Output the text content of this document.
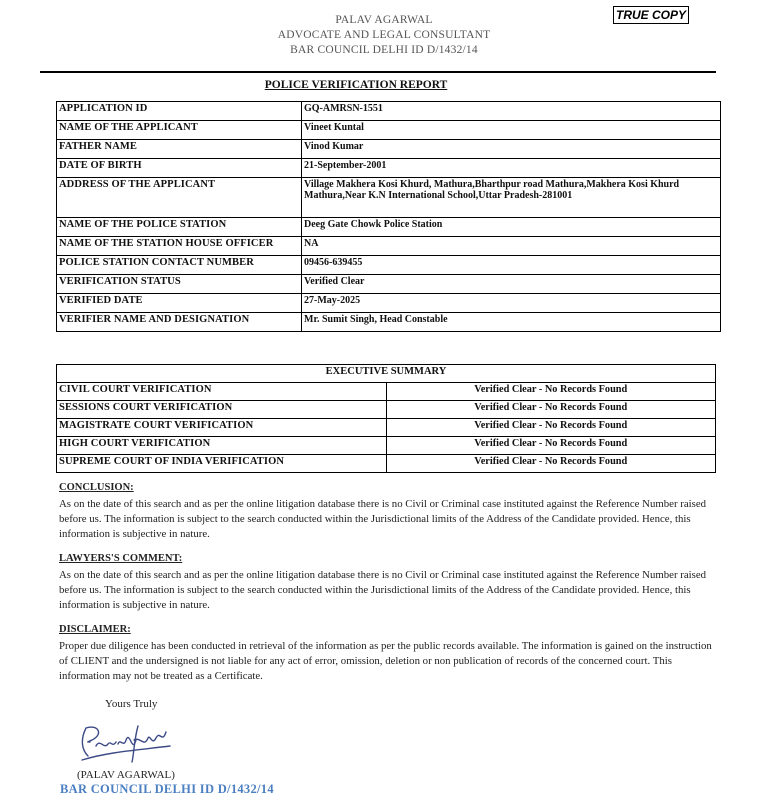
PALAV AGARWAL
ADVOCATE AND LEGAL CONSULTANT
BAR COUNCIL DELHI ID D/1432/14
TRUE COPY
POLICE VERIFICATION REPORT
APPLICATION ID	GQ-AMRSN-1551
NAME OF THE APPLICANT	Vineet Kuntal
FATHER NAME	Vinod Kumar
DATE OF BIRTH	21-September-2001
ADDRESS OF THE APPLICANT	Village Makhera Kosi Khurd, Mathura,Bharthpur road Mathura,Makhera Kosi Khurd Mathura,Near K.N International School,Uttar Pradesh-281001
NAME OF THE POLICE STATION	Deeg Gate Chowk Police Station
NAME OF THE STATION HOUSE OFFICER	NA
POLICE STATION CONTACT NUMBER	09456-639455
VERIFICATION STATUS	Verified Clear
VERIFIED DATE	27-May-2025
VERIFIER NAME AND DESIGNATION	Mr. Sumit Singh, Head Constable
EXECUTIVE SUMMARY	
CIVIL COURT VERIFICATION	Verified Clear - No Records Found
SESSIONS COURT VERIFICATION	Verified Clear - No Records Found
MAGISTRATE COURT VERIFICATION	Verified Clear - No Records Found
HIGH COURT VERIFICATION	Verified Clear - No Records Found
SUPREME COURT OF INDIA VERIFICATION	Verified Clear - No Records Found
CONCLUSION:
As on the date of this search and as per the online litigation database there is no Civil or Criminal case instituted against the Reference Number raised before us. The information is subject to the search conducted within the Jurisdictional limits of the Address of the Candidate provided. Hence, this information is subjective in nature.
LAWYERS'S COMMENT:
As on the date of this search and as per the online litigation database there is no Civil or Criminal case instituted against the Reference Number raised before us. The information is subject to the search conducted within the Jurisdictional limits of the Address of the Candidate provided. Hence, this information is subjective in nature.
DISCLAIMER:
Proper due diligence has been conducted in retrieval of the information as per the public records available. The information is gained on the instruction of CLIENT and the undersigned is not liable for any act of error, omission, deletion or non publication of records of the concerned court. This information may not be treated as a Certificate.
Yours Truly
(PALAV AGARWAL)
BAR COUNCIL DELHI ID D/1432/14
